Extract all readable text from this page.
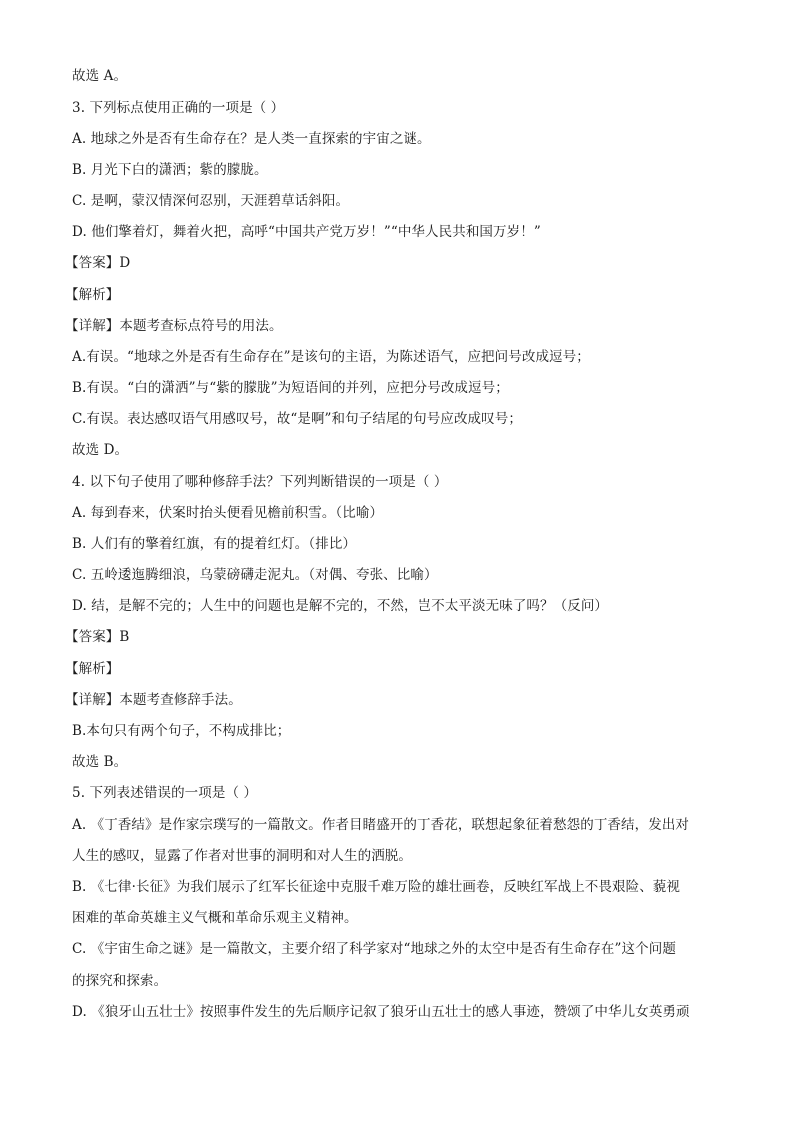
故选 A。
3. 下列标点使用正确的一项是（ ）
A. 地球之外是否有生命存在？是人类一直探索的宇宙之谜。
B. 月光下白的潇洒；紫的朦胧。
C. 是啊，蒙汉情深何忍别，天涯碧草话斜阳。
D. 他们擎着灯，舞着火把，高呼“中国共产党万岁！”“中华人民共和国万岁！”
【答案】D
【解析】
【详解】本题考查标点符号的用法。
A.有误。“地球之外是否有生命存在”是该句的主语，为陈述语气，应把问号改成逗号；
B.有误。“白的潇洒”与“紫的朦胧”为短语间的并列，应把分号改成逗号；
C.有误。表达感叹语气用感叹号，故“是啊”和句子结尾的句号应改成叹号；
故选 D。
4. 以下句子使用了哪种修辞手法？下列判断错误的一项是（ ）
A. 每到春来，伏案时抬头便看见檐前积雪。（比喻）
B. 人们有的擎着红旗，有的提着红灯。（排比）
C. 五岭逶迤腾细浪，乌蒙磅礴走泥丸。（对偶、夸张、比喻）
D. 结，是解不完的；人生中的问题也是解不完的，不然，岂不太平淡无味了吗？（反问）
【答案】B
【解析】
【详解】本题考查修辞手法。
B.本句只有两个句子，不构成排比；
故选 B。
5. 下列表述错误的一项是（ ）
A. 《丁香结》是作家宗璞写的一篇散文。作者目睹盛开的丁香花，联想起象征着愁怨的丁香结，发出对
人生的感叹，显露了作者对世事的洞明和对人生的洒脱。
B. 《七律·长征》为我们展示了红军长征途中克服千难万险的雄壮画卷，反映红军战上不畏艰险、藐视
困难的革命英雄主义气概和革命乐观主义精神。
C. 《宇宙生命之谜》是一篇散文，主要介绍了科学家对“地球之外的太空中是否有生命存在”这个问题
的探究和探索。
D. 《狼牙山五壮士》按照事件发生的先后顺序记叙了狼牙山五壮士的感人事迹，赞颂了中华儿女英勇顽
